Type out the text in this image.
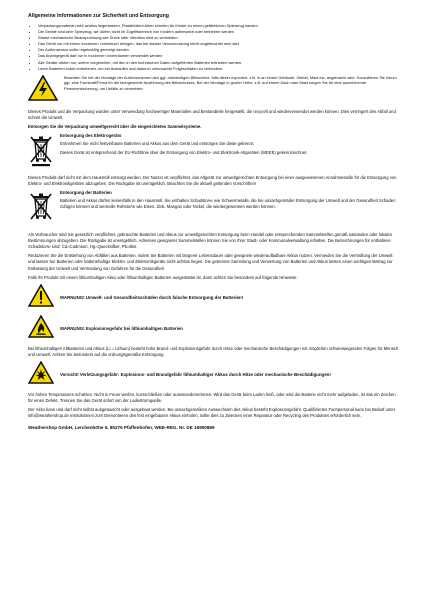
Allgemeine Informationen zur Sicherheit und Entsorgung
• Verpackungsmaterial nicht achtlos liegenlassen, Plastikfolien/-tüten könnten für Kinder zu einem gefährlichen Spielzeug werden
• Die Geräte sind kein Spielzeug, sie dürfen nicht im Zugriffsbereich von Kindern aufbewahrt oder betrieben werden
• Starke mechanische Beanspruchung wie Druck oder Vibration sind zu vermeiden
• Das Gerät nur mit einem trockenen Leinentuch reinigen, das bei starker Verschmutzung leicht angefeuchtet sein darf
• Der Außensensor sollte regelmäßig gereinigt werden.
• Das Anzeigegerät darf nur in trockenen Innenräumen verwendet werden
• Alle Geräte dürfen nur, sofern vorgesehen, mit den in den technischen Daten aufgeführten Batterien betrieben werden.
• Leere Batterien sofort entnehmen, um ein Auslaufen und dadurch verursachte Folgeschäden zu verhindern.
Beachten Sie bei der Montage der Außensensoren den ggf. notwendigen Blitzschutz, falls dieser exponiert, z.B. in an einem Gebäude, Giebel, Mast etc. angebracht wird. Konsultieren Sie hierzu ggf. eine Fachkraft/Firma für die fachgerechte Ausführung des Blitzschutzes. Bei der Montage in großer Höhe, z.B. auf einem Dach oder Mast sorgen Sie für eine ausreichende Personensicherung, um Unfälle zu vermeiden

Dieses Produkt und die Verpackung wurden unter Verwendung hochwertiger Materialien und Bestandteile hergestellt, die recycelt und wiederverwendet werden können. Dies verringert den Abfall und schont die Umwelt.

Entsorgen Sie die Verpackung umweltgerecht über die eingerichteten Sammelsysteme.

Entsorgung des Elektrogeräts

Entnehmen Sie nicht festverbaute Batterien und Akkus aus dem Gerät und entsorgen Sie diese getrennt.

Dieses Gerät ist entsprechend der EU-Richtlinie über die Entsorgung von Elektro- und Elektronik-Altgeräten (WEEE) gekennzeichnet.

Dieses Produkt darf nicht mit dem Hausmüll entsorgt werden. Der Nutzer ist verpflichtet, das Altgerät zur umweltgerechten Entsorgung bei einer ausgewiesenen Annahmestelle für die Entsorgung von Elektro- und Elektronikgeräten abzugeben. Die Rückgabe ist unentgeltlich. Beachten Sie die aktuell geltenden Vorschriften!

Entsorgung der Batterien

Batterien und Akkus dürfen keinesfalls in den Hausmüll. Sie enthalten SchadstoAe wie Schwermetalle, die bei unsachgemäßer Entsorgung der Umwelt und der Gesundheit Schaden zufügen können und wertvolle RohstoAe wie Eisen, Zink, Mangan oder Nickel, die wiedergewonnen werden können.

Als Verbraucher sind Sie gesetzlich verpflichtet, gebrauchte Batterien und Akkus zur umweltgerechten Entsorgung beim Handel oder entsprechenden Sammelstellen gemäß nationalen oder lokalen Bestimmungen abzugeben. Die Rückgabe ist unentgeltlich. Adressen geeigneter Sammelstellen können Sie von Ihrer Stadt- oder Kommunalverwaltung erhalten. Die Bezeichnungen für enthaltene SchadstoAe sind: Cd=Cadmium, Hg=Quecksilber, Pb=Blei.

Reduzieren Sie die Entstehung von Abfällen aus Batterien, indem Sie Batterien mit längerer Lebensdauer oder geeignete wiederaufladbare Akkus nutzen. Vermeiden Sie die Vermüllung der Umwelt und lassen Sie Batterien oder batteriehaltige Elektro- und Elektronikgeräte nicht achtlos liegen. Die getrennte Sammlung und Verwertung von Batterien und Akkus leisten einen wichtigen Beitrag zur Entlastung der Umwelt und Vermeidung von Gefahren für die Gesundheit.

Falls Ihr Produkt mit einem lithiumhaltigen Akku oder lithiumhaltigen Batterien ausgestattet ist, dann achten Sie besonders auf folgende Hinweise:

WARNUNG! Umwelt- und Gesundheitsschäden durch falsche Entsorgung der Batterien!
WARNUNG! Explosionsgefahr bei lithiumhaltigen Batterien

Bei lithiumhaltigen Altbatterien und Akkus (Li = Lithium) besteht hohe Brand- und Explosionsgefahr durch Hitze oder mechanische Beschädigungen mit möglichen schwerwiegenden Folgen für Mensch und Umwelt. Achten Sie besonders auf die ordnungsgemäße Entsorgung.

Vorsicht! Verletzungsgefahr: Explosions- und Brandgefahr lithiumhaltiger Akkus durch Hitze oder mechanische Beschädigungen!

Vor hohen Temperaturen schützen. Nicht in Feuer werfen, kurzschließen oder auseinandernehmen. Wird das Gerät beim Laden heiß, oder wird die Batterie nicht mehr aufgeladen, ist das ein Zeichen für einen Defekt. Trennen Sie das Gerät sofort von der Ladestromquelle.

Der Akku kann und darf nicht selbst ausgetauscht oder ausgebaut werden. Bei unsachgemäßem Auswechseln des Akkus besteht Explosionsgefahr. Qualifiziertes Fachpersonal kann bei Bedarf unter info@weathershop.de Instruktionen zum Demontieren des fest eingebauten Akkus einholen, sollte dies zu Zwecken einer Reparatur oder Recycling des Produktes erforderlich sein.

Weathershop GmbH, Lerchenhöhe 5, 85276 Pfaffenhofen, WEE-REG. Nr. DE 16900889
